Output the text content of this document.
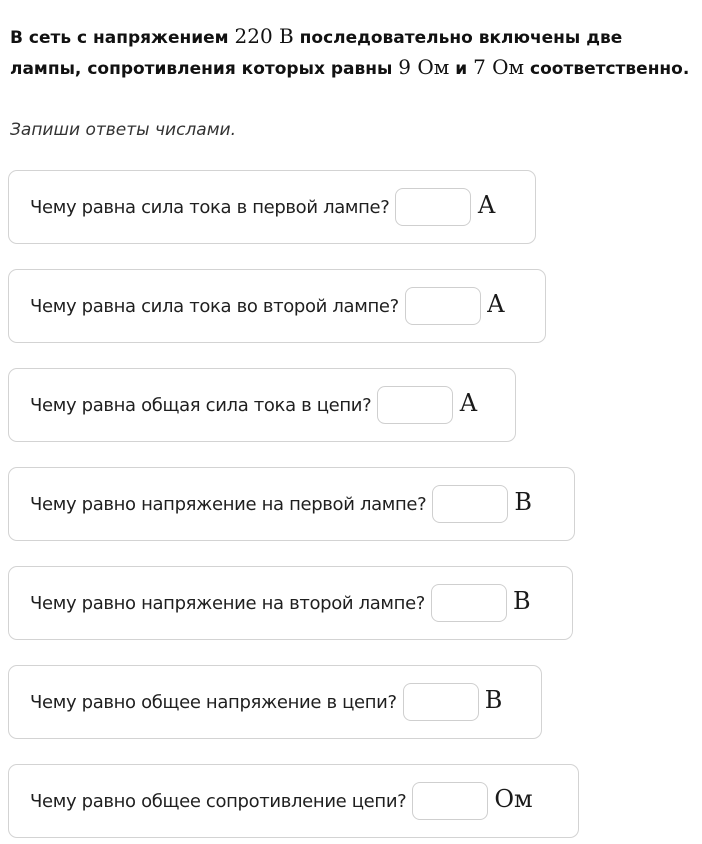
В сеть с напряжением 220 В последовательно включены две лампы, сопротивления которых равны 9 Ом и 7 Ом соответственно.
Запиши ответы числами.
Чему равна сила тока в первой лампе?	А
Чему равна сила тока во второй лампе?	А
Чему равна общая сила тока в цепи?	А
Чему равно напряжение на первой лампе?	В
Чему равно напряжение на второй лампе?	В
Чему равно общее напряжение в цепи?	В
Чему равно общее сопротивление цепи?	Ом
